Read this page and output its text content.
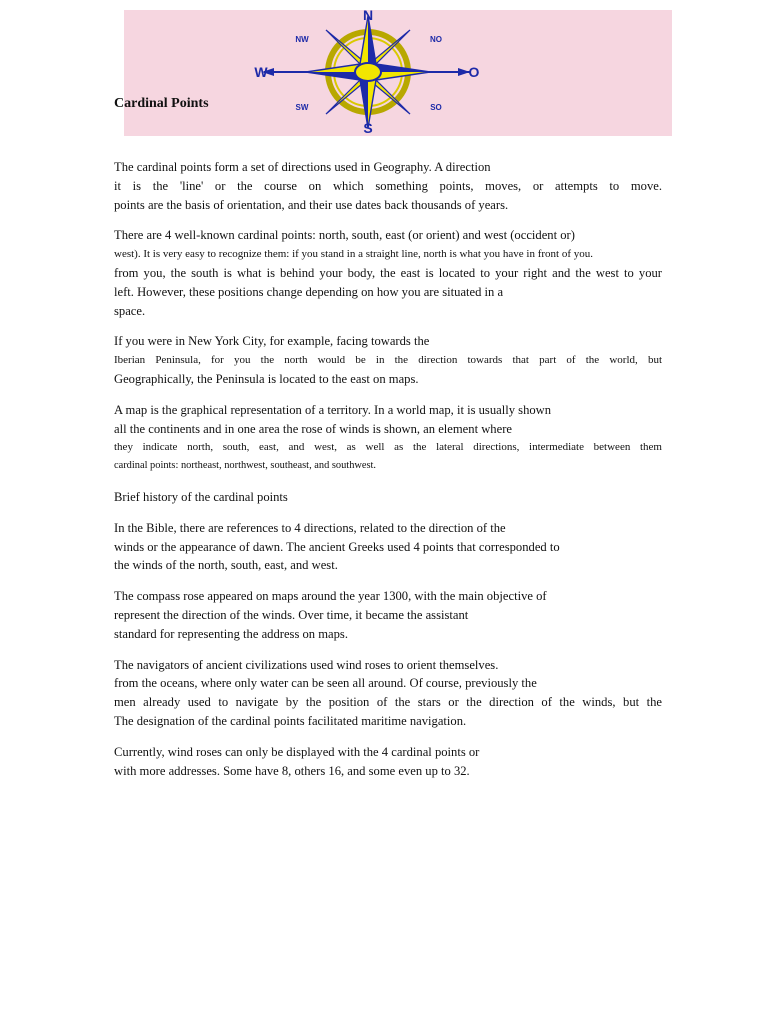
N
S
W	O
NW	NO
SW	SO
Cardinal Points

The cardinal points form a set of directions used in Geography. A direction
it is the 'line' or the course on which something points, moves, or attempts to move.
points are the basis of orientation, and their use dates back thousands of years.

There are 4 well-known cardinal points: north, south, east (or orient) and west (occident or)
west). It is very easy to recognize them: if you stand in a straight line, north is what you have in front of you.
from you, the south is what is behind your body, the east is located to your right and the west to your
left. However, these positions change depending on how you are situated in a
space.

If you were in New York City, for example, facing towards the
Iberian Peninsula, for you the north would be in the direction towards that part of the world, but
Geographically, the Peninsula is located to the east on maps.

A map is the graphical representation of a territory. In a world map, it is usually shown
all the continents and in one area the rose of winds is shown, an element where
they indicate north, south, east, and west, as well as the lateral directions, intermediate between them
cardinal points: northeast, northwest, southeast, and southwest.

Brief history of the cardinal points

In the Bible, there are references to 4 directions, related to the direction of the
winds or the appearance of dawn. The ancient Greeks used 4 points that corresponded to
the winds of the north, south, east, and west.

The compass rose appeared on maps around the year 1300, with the main objective of
represent the direction of the winds. Over time, it became the assistant
standard for representing the address on maps.

The navigators of ancient civilizations used wind roses to orient themselves.
from the oceans, where only water can be seen all around. Of course, previously the
men already used to navigate by the position of the stars or the direction of the winds, but the
The designation of the cardinal points facilitated maritime navigation.

Currently, wind roses can only be displayed with the 4 cardinal points or
with more addresses. Some have 8, others 16, and some even up to 32.
